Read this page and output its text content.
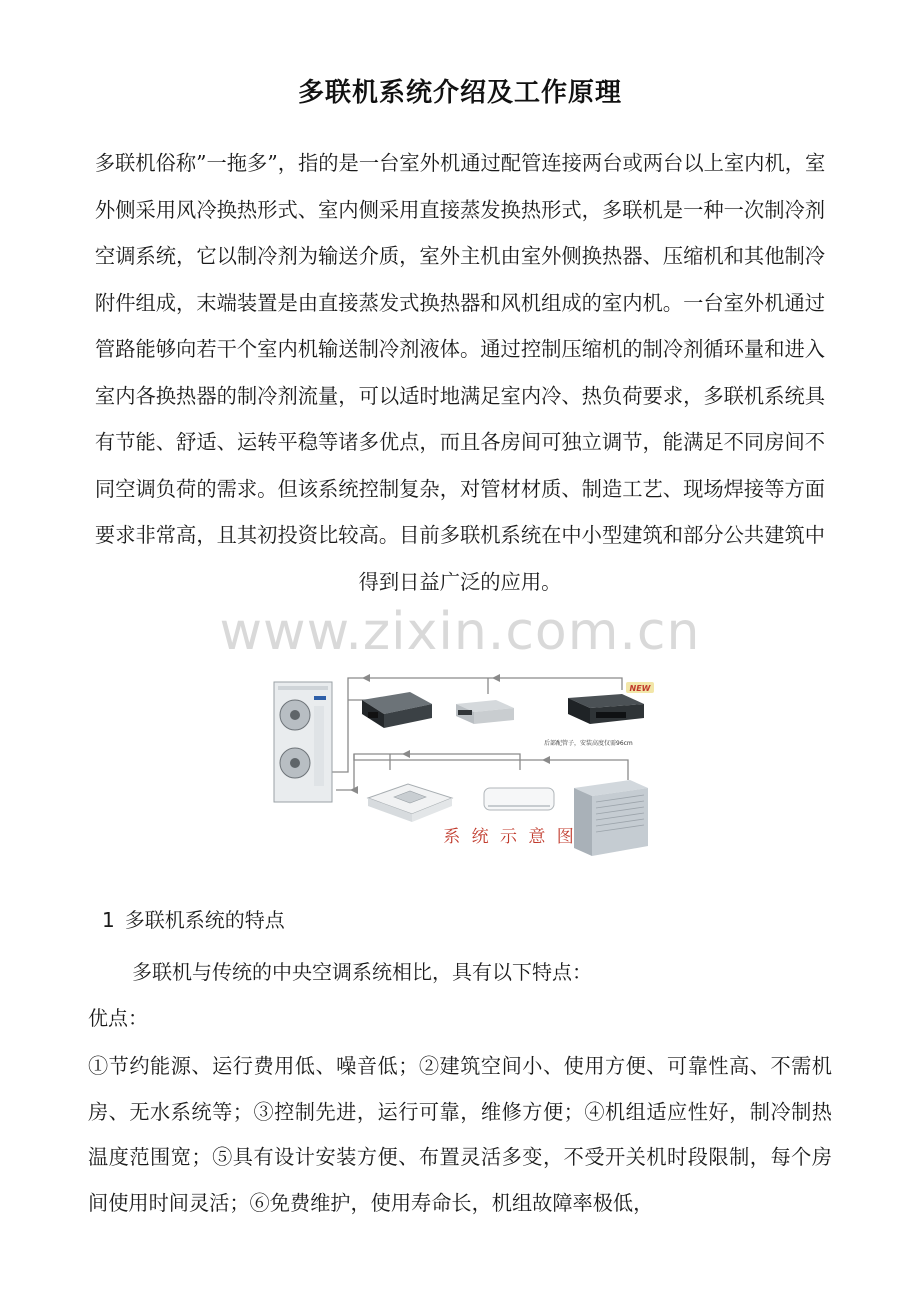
多联机系统介绍及工作原理

多联机俗称”一拖多”，指的是一台室外机通过配管连接两台或两台以上室内机，室外侧采用风冷换热形式、室内侧采用直接蒸发换热形式，多联机是一种一次制冷剂空调系统，它以制冷剂为输送介质，室外主机由室外侧换热器、压缩机和其他制冷附件组成，末端装置是由直接蒸发式换热器和风机组成的室内机。一台室外机通过管路能够向若干个室内机输送制冷剂液体。通过控制压缩机的制冷剂循环量和进入室内各换热器的制冷剂流量，可以适时地满足室内冷、热负荷要求，多联机系统具有节能、舒适、运转平稳等诸多优点，而且各房间可独立调节，能满足不同房间不同空调负荷的需求。但该系统控制复杂，对管材材质、制造工艺、现场焊接等方面要求非常高，且其初投资比较高。目前多联机系统在中小型建筑和部分公共建筑中得到日益广泛的应用。

www.zixin.com.cn
NEW
后部配管子，安装高度仅需96cm
系 统 示 意 图
1 多联机系统的特点

多联机与传统的中央空调系统相比，具有以下特点：

优点：

①节约能源、运行费用低、噪音低；②建筑空间小、使用方便、可靠性高、不需机房、无水系统等；③控制先进，运行可靠，维修方便；④机组适应性好，制冷制热温度范围宽；⑤具有设计安装方便、布置灵活多变，不受开关机时段限制，每个房间使用时间灵活；⑥免费维护，使用寿命长，机组故障率极低，
